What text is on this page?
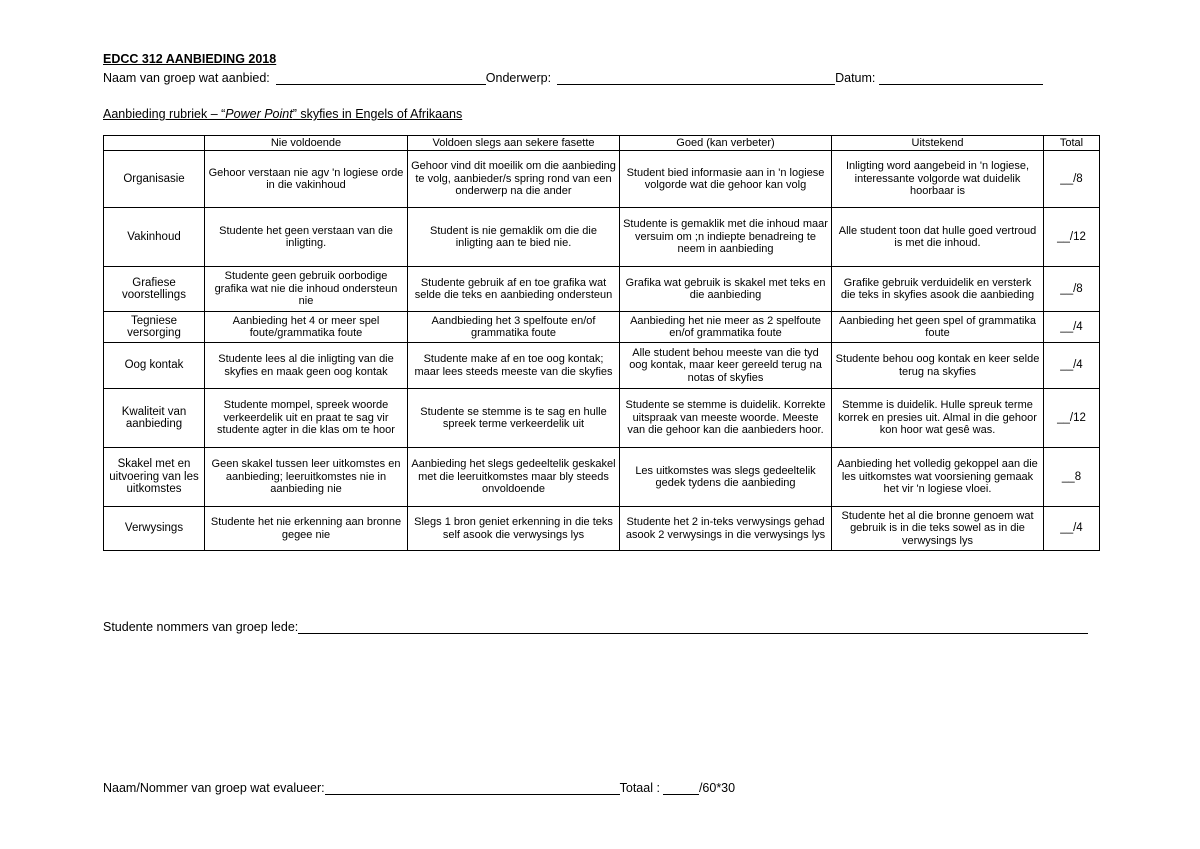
EDCC 312 AANBIEDING 2018
Naam van groep wat aanbied:	Onderwerp:	Datum:
Aanbieding rubriek – “Power Point” skyfies in Engels of Afrikaans
	Nie voldoende	Voldoen slegs aan sekere fasette	Goed (kan verbeter)	Uitstekend	Total
Organisasie	Gehoor verstaan nie agv 'n logiese orde in die vakinhoud	Gehoor vind dit moeilik om die aanbieding te volg, aanbieder/s spring rond van een onderwerp na die ander	Student bied informasie aan in 'n logiese volgorde wat die gehoor kan volg	Inligting word aangebeid in 'n logiese, interessante volgorde wat duidelik hoorbaar is	__/8
Vakinhoud	Studente het geen verstaan van die inligting.	Student is nie gemaklik om die die inligting aan te bied nie.	Studente is gemaklik met die inhoud maar versuim om ;n indiepte benadreing te neem in aanbieding	Alle student toon dat hulle goed vertroud is met die inhoud.	__/12
Grafiese voorstellings	Studente geen gebruik oorbodige grafika wat nie die inhoud ondersteun nie	Studente gebruik af en toe grafika wat selde die teks en aanbieding ondersteun	Grafika wat gebruik is skakel met teks en die aanbieding	Grafike gebruik verduidelik en versterk die teks in skyfies asook die aanbieding	__/8
Tegniese versorging	Aanbieding het 4 or meer spel foute/grammatika foute	Aandbieding het 3 spelfoute en/of grammatika foute	Aanbieding het nie meer as 2 spelfoute en/of grammatika foute	Aanbieding het geen spel of grammatika foute	__/4
Oog kontak	Studente lees al die inligting van die skyfies en maak geen oog kontak	Studente make af en toe oog kontak; maar lees steeds meeste van die skyfies	Alle student behou meeste van die tyd oog kontak, maar keer gereeld terug na notas of skyfies	Studente behou oog kontak en keer selde terug na skyfies	__/4
Kwaliteit van aanbieding	Studente mompel, spreek woorde verkeerdelik uit en praat te sag vir studente agter in die klas om te hoor	Studente se stemme is te sag en hulle spreek terme verkeerdelik uit	Studente se stemme is duidelik. Korrekte uitspraak van meeste woorde. Meeste van die gehoor kan die aanbieders hoor.	Stemme is duidelik. Hulle spreuk terme korrek en presies uit. Almal in die gehoor kon hoor wat gesê was.	__/12
Skakel met en uitvoering van les uitkomstes	Geen skakel tussen leer uitkomstes en aanbieding; leeruitkomstes nie in aanbieding nie	Aanbieding het slegs gedeeltelik geskakel met die leeruitkomstes maar bly steeds onvoldoende	Les uitkomstes was slegs gedeeltelik gedek tydens die aanbieding	Aanbieding het volledig gekoppel aan die les uitkomstes wat voorsiening gemaak het vir 'n logiese vloei.	__8
Verwysings	Studente het nie erkenning aan bronne gegee nie	Slegs 1 bron geniet erkenning in die teks self asook die verwysings lys	Studente het 2 in-teks verwysings gehad asook 2 verwysings in die verwysings lys	Studente het al die bronne genoem wat gebruik is in die teks sowel as in die verwysings lys	__/4
Studente nommers van groep lede:
Naam/Nommer van groep wat evalueer:	Totaal :	/60*30
